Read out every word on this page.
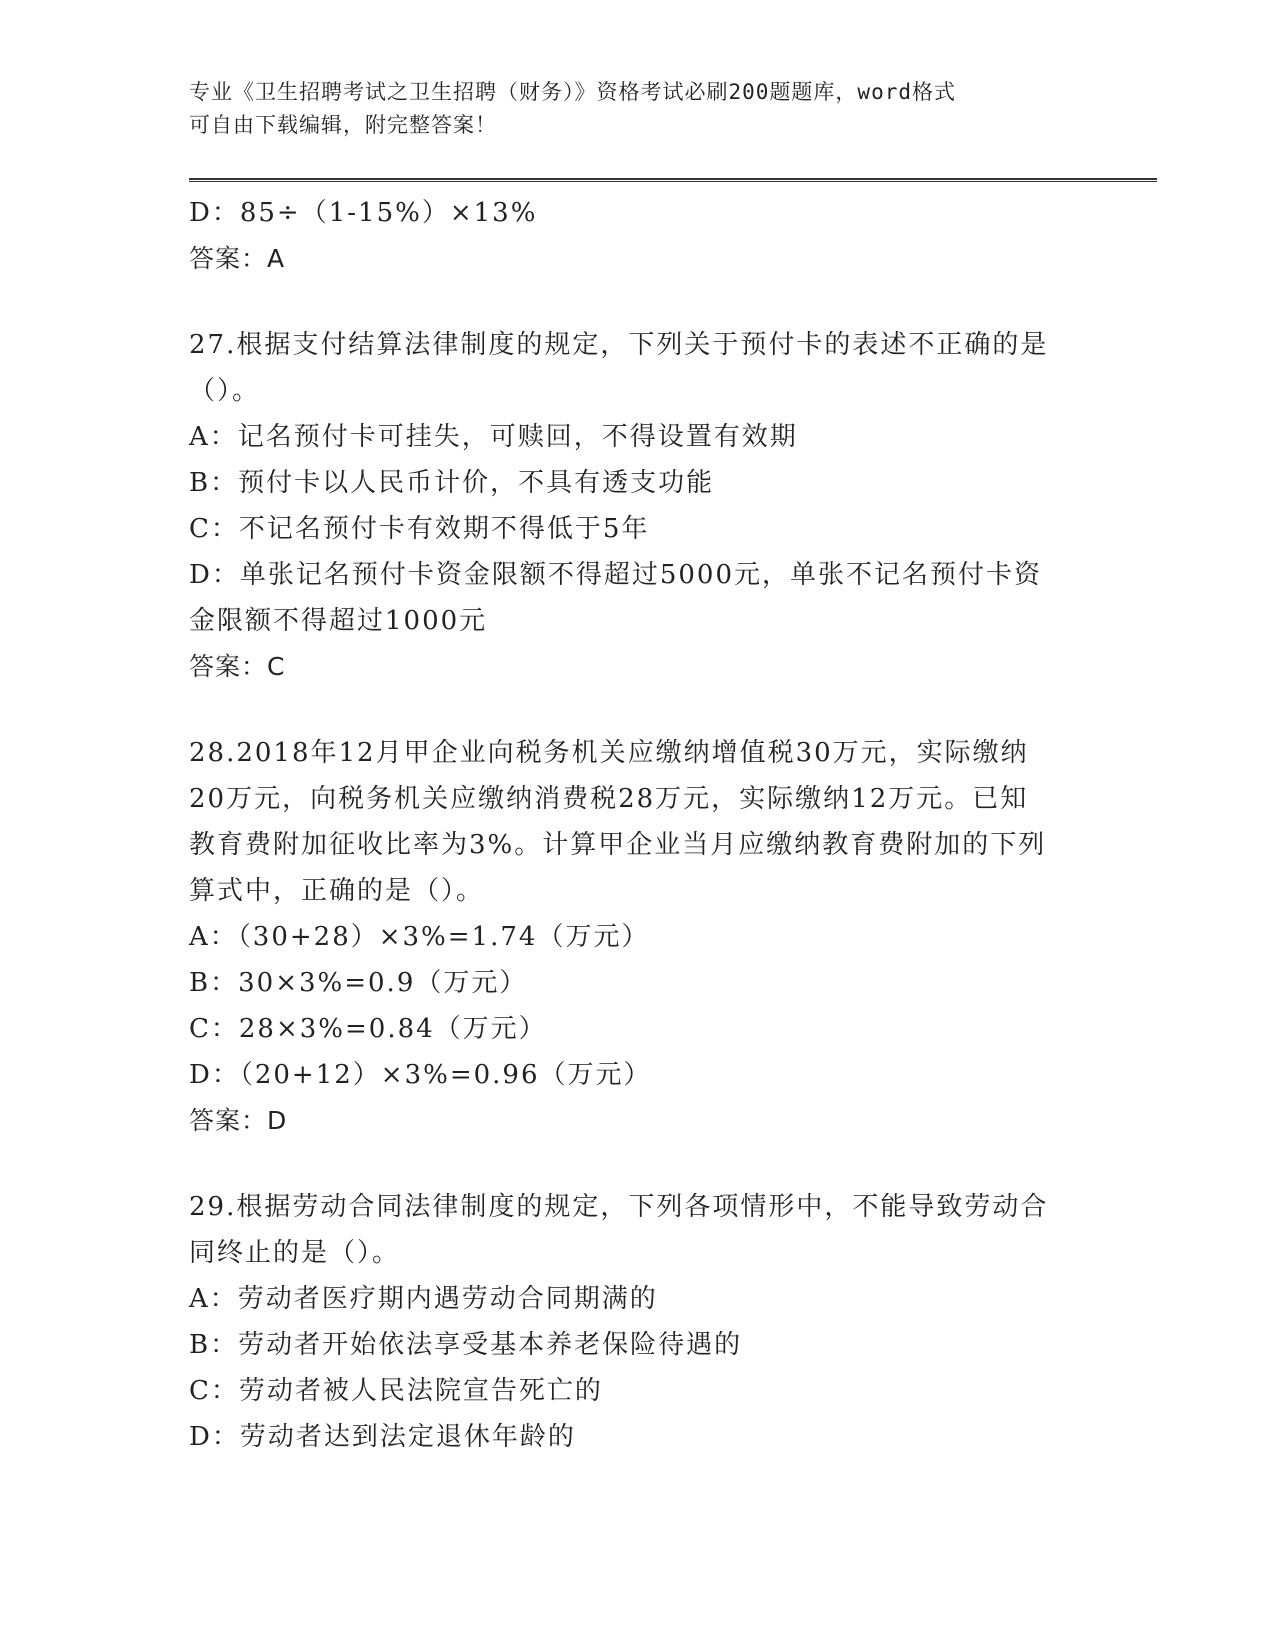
专业《卫生招聘考试之卫生招聘（财务）》资格考试必刷200题题库，word格式
可自由下载编辑，附完整答案！
D：85÷（1-15%）×13%
答案：A
27.根据支付结算法律制度的规定，下列关于预付卡的表述不正确的是
（）。
A：记名预付卡可挂失，可赎回，不得设置有效期
B：预付卡以人民币计价，不具有透支功能
C：不记名预付卡有效期不得低于5年
D：单张记名预付卡资金限额不得超过5000元，单张不记名预付卡资
金限额不得超过1000元
答案：C
28.2018年12月甲企业向税务机关应缴纳增值税30万元，实际缴纳
20万元，向税务机关应缴纳消费税28万元，实际缴纳12万元。已知
教育费附加征收比率为3%。计算甲企业当月应缴纳教育费附加的下列
算式中，正确的是（）。
A：（30+28）×3%=1.74（万元）
B：30×3%=0.9（万元）
C：28×3%=0.84（万元）
D：（20+12）×3%=0.96（万元）
答案：D
29.根据劳动合同法律制度的规定，下列各项情形中，不能导致劳动合
同终止的是（）。
A：劳动者医疗期内遇劳动合同期满的
B：劳动者开始依法享受基本养老保险待遇的
C：劳动者被人民法院宣告死亡的
D：劳动者达到法定退休年龄的
